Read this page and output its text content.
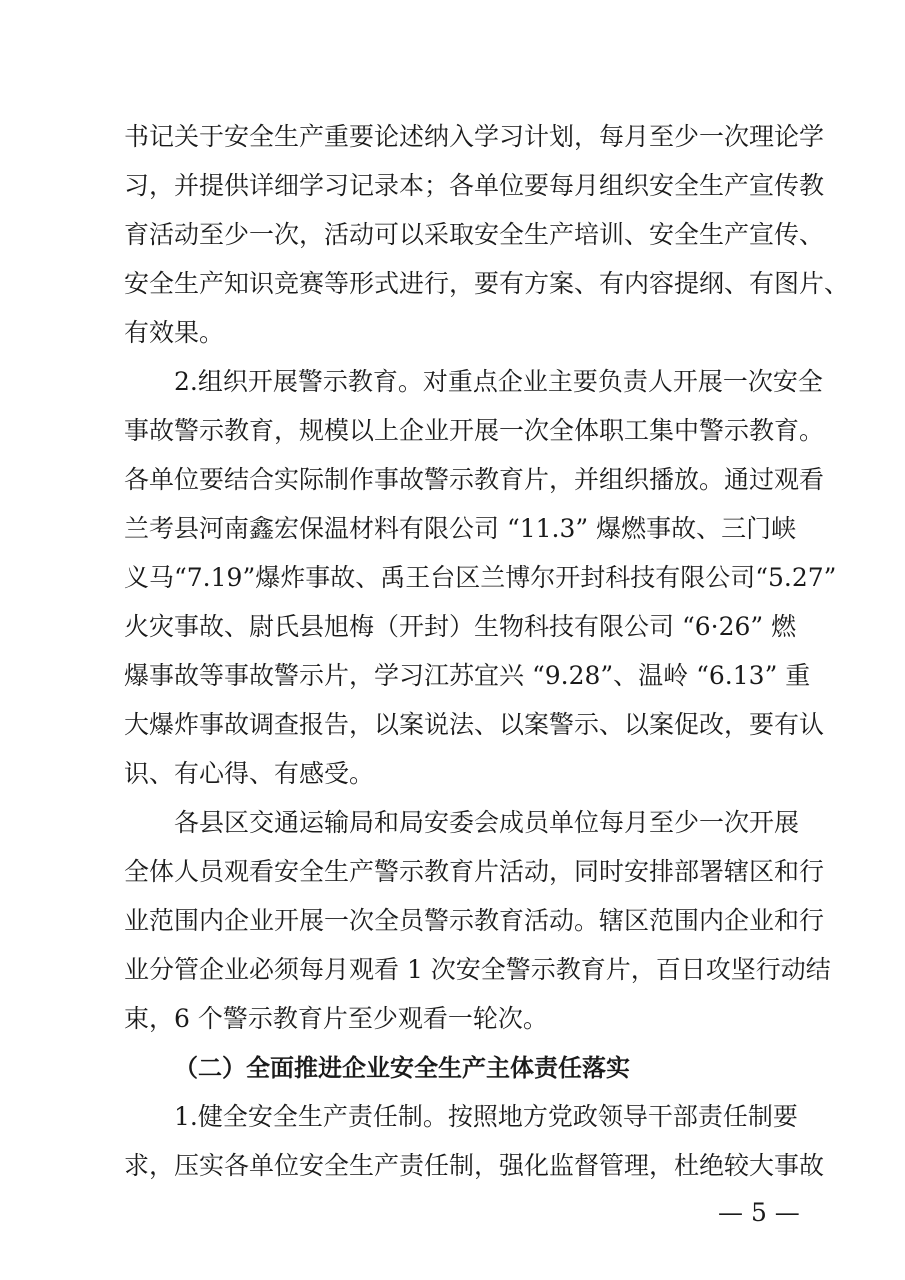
书记关于安全生产重要论述纳入学习计划，每月至少一次理论学
习，并提供详细学习记录本；各单位要每月组织安全生产宣传教
育活动至少一次，活动可以采取安全生产培训、安全生产宣传、
安全生产知识竞赛等形式进行，要有方案、有内容提纲、有图片、
有效果。
2.组织开展警示教育。对重点企业主要负责人开展一次安全
事故警示教育，规模以上企业开展一次全体职工集中警示教育。
各单位要结合实际制作事故警示教育片，并组织播放。通过观看
兰考县河南鑫宏保温材料有限公司 “11.3” 爆燃事故、三门峡
义马“7.19”爆炸事故、禹王台区兰博尔开封科技有限公司“5.27”
火灾事故、尉氏县旭梅（开封）生物科技有限公司 “6·26” 燃
爆事故等事故警示片，学习江苏宜兴 “9.28”、温岭 “6.13” 重
大爆炸事故调查报告，以案说法、以案警示、以案促改，要有认
识、有心得、有感受。
各县区交通运输局和局安委会成员单位每月至少一次开展
全体人员观看安全生产警示教育片活动，同时安排部署辖区和行
业范围内企业开展一次全员警示教育活动。辖区范围内企业和行
业分管企业必须每月观看 1 次安全警示教育片，百日攻坚行动结
束，6 个警示教育片至少观看一轮次。
（二）全面推进企业安全生产主体责任落实
1.健全安全生产责任制。按照地方党政领导干部责任制要
求，压实各单位安全生产责任制，强化监督管理，杜绝较大事故
— 5 —
